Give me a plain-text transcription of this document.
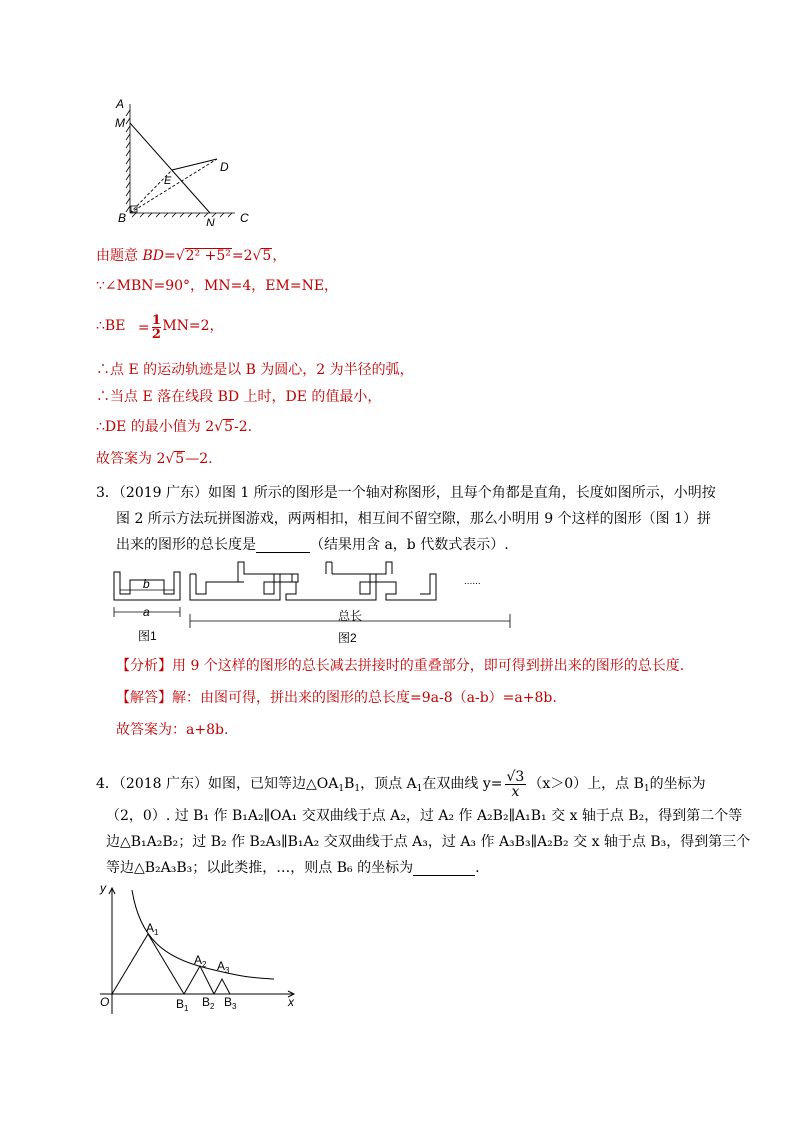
A
M
D
E
B	N C
由题意 BD=√2² +5²=2√5，
∵∠MBN=90°，MN=4，EM=NE，
∴BE = $\frac{1}{2} MN=2$，
∴点 E 的运动轨迹是以 B 为圆心，2 为半径的弧，
∴当点 E 落在线段 BD 上时，DE 的值最小，
∴DE 的最小值为 2√5-2.
故答案为 2√5—2.
3．（2019 广东）如图 1 所示的图形是一个轴对称图形，且每个角都是直角，长度如图所示，小明按
图 2 所示方法玩拼图游戏，两两相扣，相互间不留空隙，那么小明用 9 个这样的图形（图 1）拼
出来的图形的总长度是	（结果用含 a，b 代数式表示）.
b
a
图1
总长
图2
......
【分析】用 9 个这样的图形的总长减去拼接时的重叠部分，即可得到拼出来的图形的总长度.
【解答】解：由图可得，拼出来的图形的总长度=9a-8（a-b）=a+8b.
故答案为：a+8b.
4．（2018 广东）如图，已知等边$\triangle OA_1B_1$，顶点 $A_1$在双曲线 $y= \frac{√3}{x} (x>0)$上，点 $B_1$的坐标为
（2，0）. 过 B₁ 作 B₁A₂∥OA₁ 交双曲线于点 A₂，过 A₂ 作 A₂B₂∥A₁B₁ 交 x 轴于点 B₂，得到第二个等
边△B₁A₂B₂；过 B₂ 作 B₂A₃∥B₁A₂ 交双曲线于点 A₃，过 A₃ 作 A₃B₃∥A₂B₂ 交 x 轴于点 B₃，得到第三个
等边△B₂A₃B₃；以此类推，…，则点 B₆ 的坐标为	.
y
x
O
$A_1$
$A_2$ $A_3$
$B_1$ $B_2$ $B_3$
